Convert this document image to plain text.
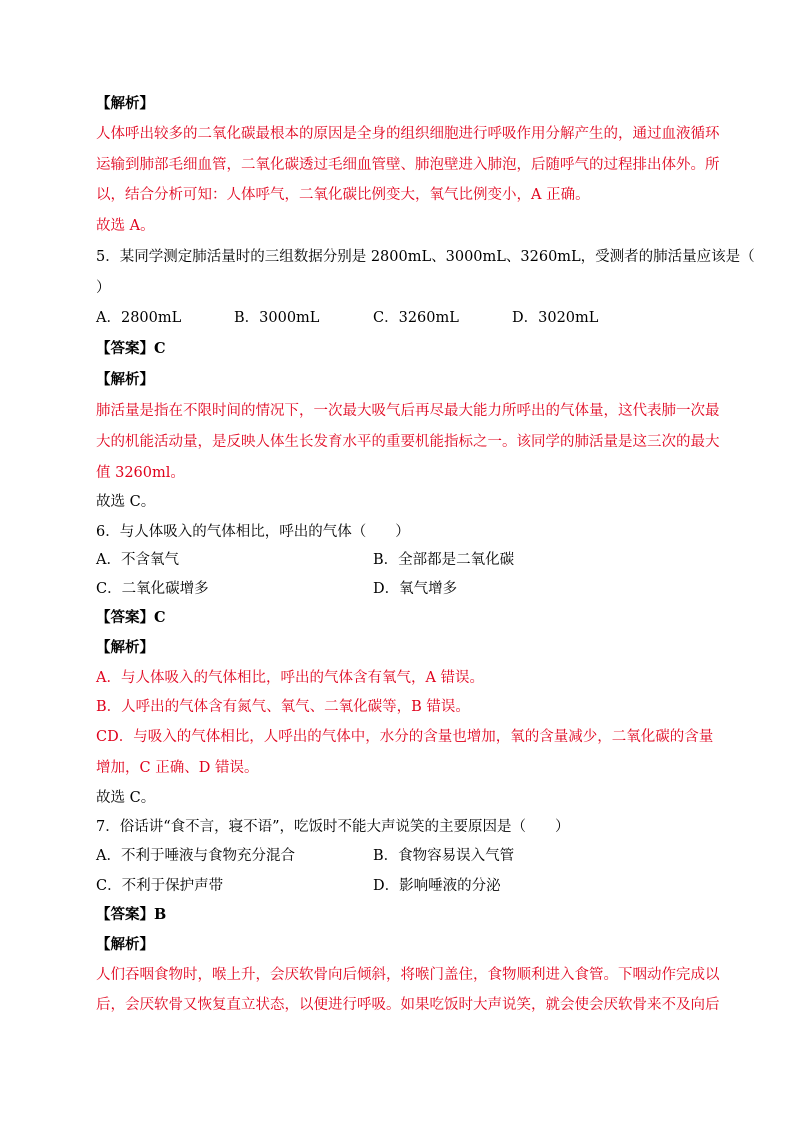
【解析】
人体呼出较多的二氧化碳最根本的原因是全身的组织细胞进行呼吸作用分解产生的，通过血液循环
运输到肺部毛细血管，二氧化碳透过毛细血管壁、肺泡壁进入肺泡，后随呼气的过程排出体外。所
以，结合分析可知：人体呼气，二氧化碳比例变大，氧气比例变小，A 正确。
故选 A。
5．某同学测定肺活量时的三组数据分别是 2800mL、3000mL、3260mL，受测者的肺活量应该是（
）
A．2800mL	B．3000mL	C．3260mL	D．3020mL
【答案】C
【解析】
肺活量是指在不限时间的情况下，一次最大吸气后再尽最大能力所呼出的气体量，这代表肺一次最
大的机能活动量，是反映人体生长发育水平的重要机能指标之一。该同学的肺活量是这三次的最大
值 3260ml。
故选 C。
6．与人体吸入的气体相比，呼出的气体（　　）
A．不含氧气	B．全部都是二氧化碳
C．二氧化碳增多	D．氧气增多
【答案】C
【解析】
A．与人体吸入的气体相比，呼出的气体含有氧气，A 错误。
B．人呼出的气体含有氮气、氧气、二氧化碳等，B 错误。
CD．与吸入的气体相比，人呼出的气体中，水分的含量也增加，氧的含量减少，二氧化碳的含量
增加，C 正确、D 错误。
故选 C。
7．俗话讲“食不言，寝不语”，吃饭时不能大声说笑的主要原因是（　　）
A．不利于唾液与食物充分混合	B．食物容易误入气管
C．不利于保护声带	D．影响唾液的分泌
【答案】B
【解析】
人们吞咽食物时，喉上升，会厌软骨向后倾斜，将喉门盖住，食物顺利进入食管。下咽动作完成以
后，会厌软骨又恢复直立状态，以便进行呼吸。如果吃饭时大声说笑，就会使会厌软骨来不及向后
